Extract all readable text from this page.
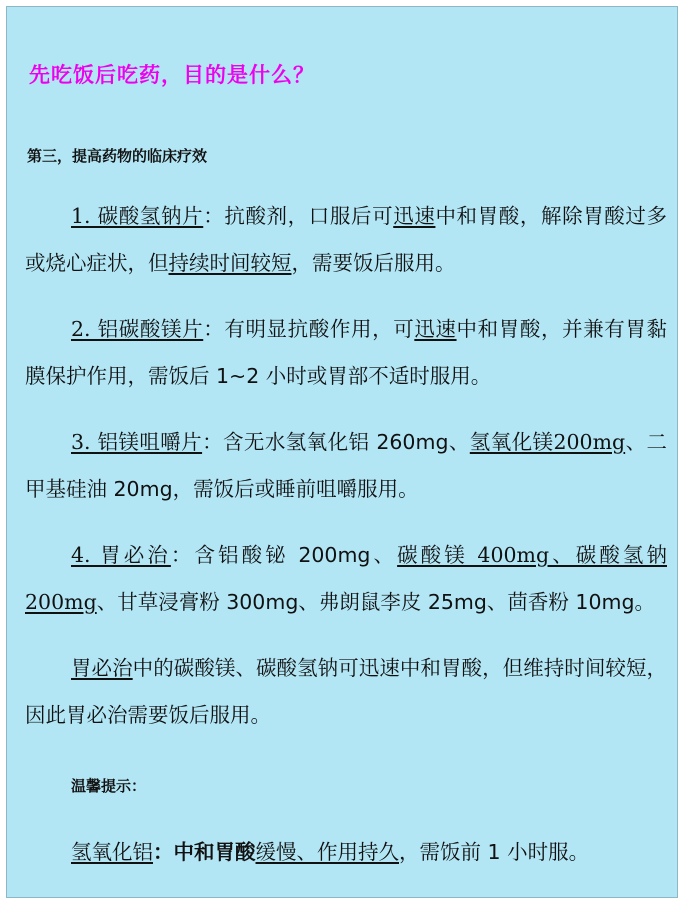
先吃饭后吃药，目的是什么？
第三，提高药物的临床疗效

1. 碳酸氢钠片：抗酸剂，口服后可迅速中和胃酸，解除胃酸过多或烧心症状，但持续时间较短，需要饭后服用。

2. 铝碳酸镁片：有明显抗酸作用，可迅速中和胃酸，并兼有胃黏膜保护作用，需饭后 1~2 小时或胃部不适时服用。

3. 铝镁咀嚼片：含无水氢氧化铝 260mg、氢氧化镁200mg、二甲基硅油 20mg，需饭后或睡前咀嚼服用。

4. 胃必治：含铝酸铋 200mg、碳酸镁 400mg、碳酸氢钠 200mg、甘草浸膏粉 300mg、弗朗鼠李皮 25mg、茴香粉 10mg。

胃必治中的碳酸镁、碳酸氢钠可迅速中和胃酸，但维持时间较短，因此胃必治需要饭后服用。

温馨提示：
氢氧化铝：中和胃酸缓慢、作用持久，需饭前 1 小时服。
